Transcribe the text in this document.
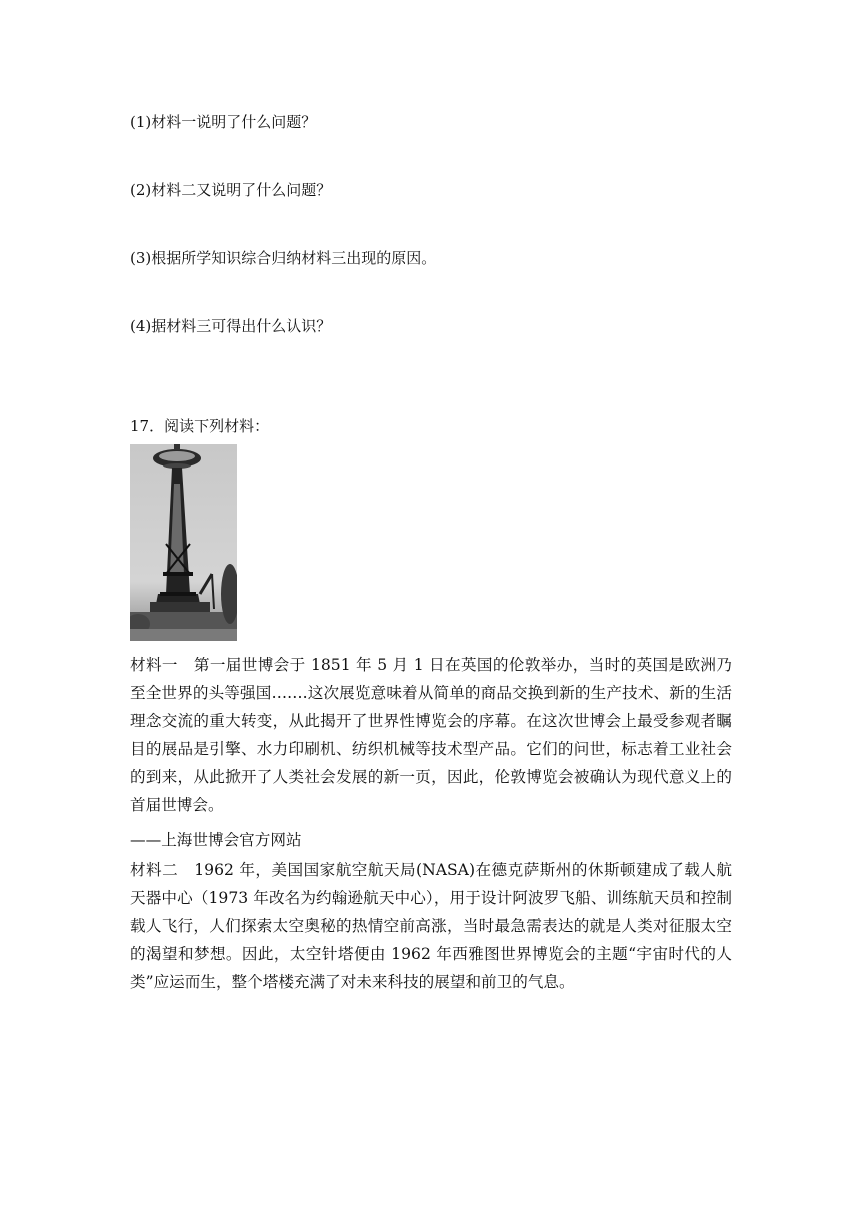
(1)材料一说明了什么问题？
(2)材料二又说明了什么问题？
(3)根据所学知识综合归纳材料三出现的原因。
(4)据材料三可得出什么认识？
17．阅读下列材料：
材料一　第一届世博会于 1851 年 5 月 1 日在英国的伦敦举办，当时的英国是欧洲乃至全世界的头等强国…….这次展览意味着从简单的商品交换到新的生产技术、新的生活理念交流的重大转变，从此揭开了世界性博览会的序幕。在这次世博会上最受参观者瞩目的展品是引擎、水力印刷机、纺织机械等技术型产品。它们的问世，标志着工业社会的到来，从此掀开了人类社会发展的新一页，因此，伦敦博览会被确认为现代意义上的首届世博会。
——上海世博会官方网站
材料二　1962 年，美国国家航空航天局(NASA)在德克萨斯州的休斯顿建成了载人航天器中心（1973 年改名为约翰逊航天中心），用于设计阿波罗飞船、训练航天员和控制载人飞行，人们探索太空奥秘的热情空前高涨，当时最急需表达的就是人类对征服太空的渴望和梦想。因此，太空针塔便由 1962 年西雅图世界博览会的主题“宇宙时代的人类”应运而生，整个塔楼充满了对未来科技的展望和前卫的气息。
